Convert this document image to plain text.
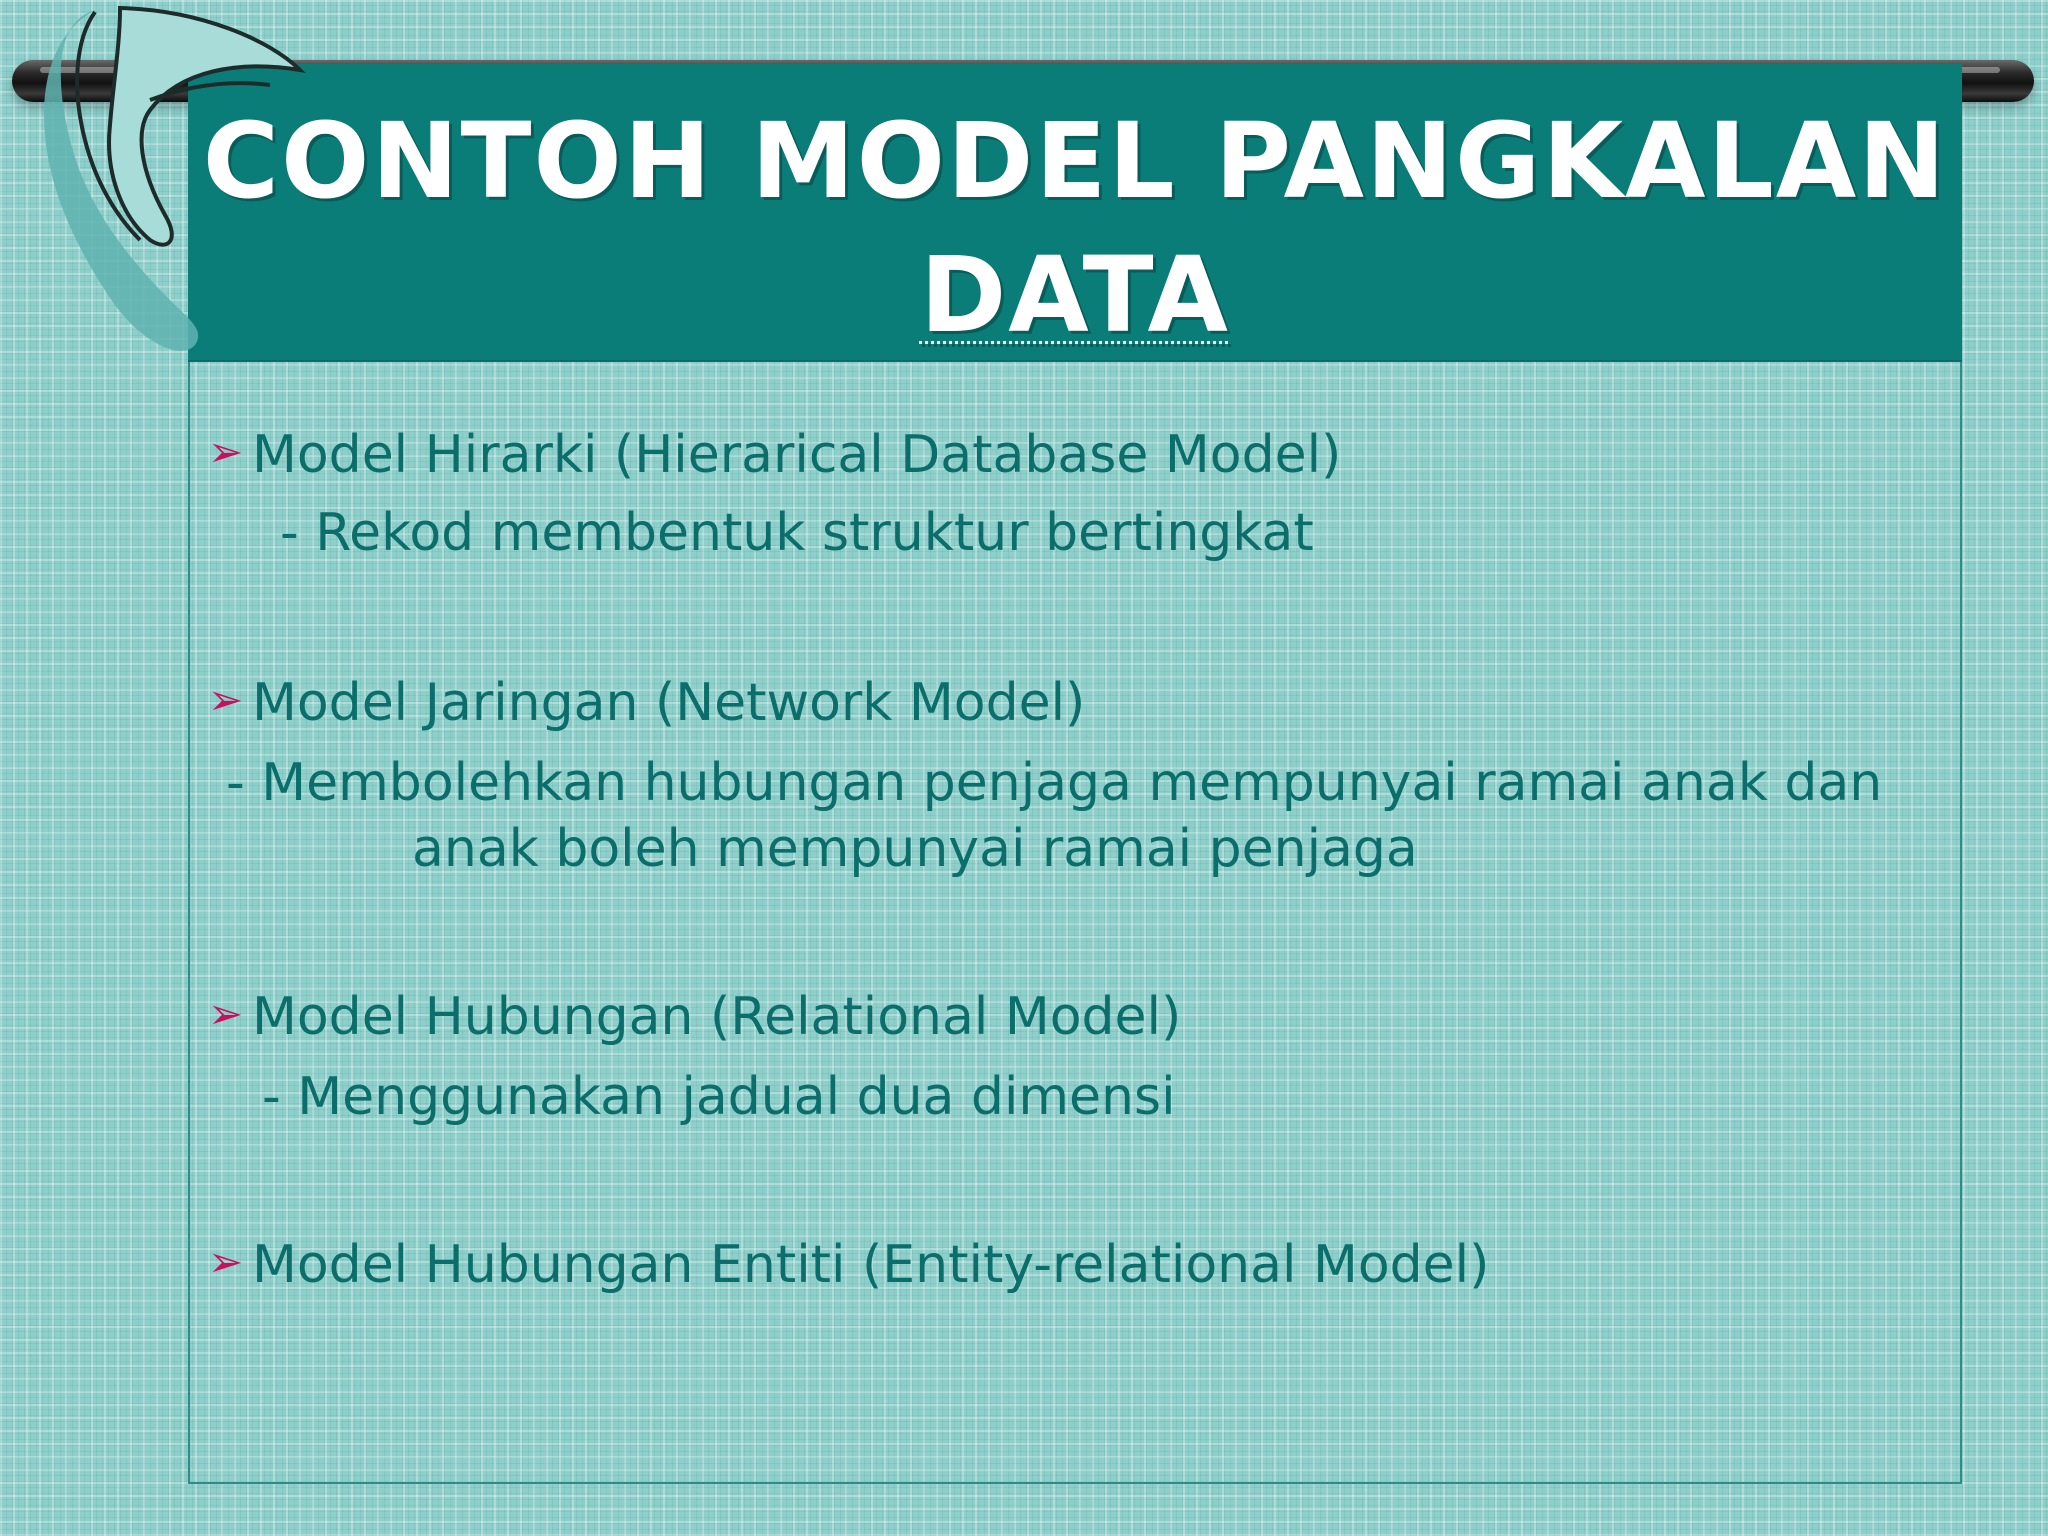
CONTOH MODEL PANGKALAN
DATA
➢ Model Hirarki (Hierarical Database Model)
- Rekod membentuk struktur bertingkat
➢ Model Jaringan (Network Model)
- Membolehkan hubungan penjaga mempunyai ramai anak dan
anak boleh mempunyai ramai penjaga
➢ Model Hubungan (Relational Model)
- Menggunakan jadual dua dimensi
➢ Model Hubungan Entiti (Entity-relational Model)
